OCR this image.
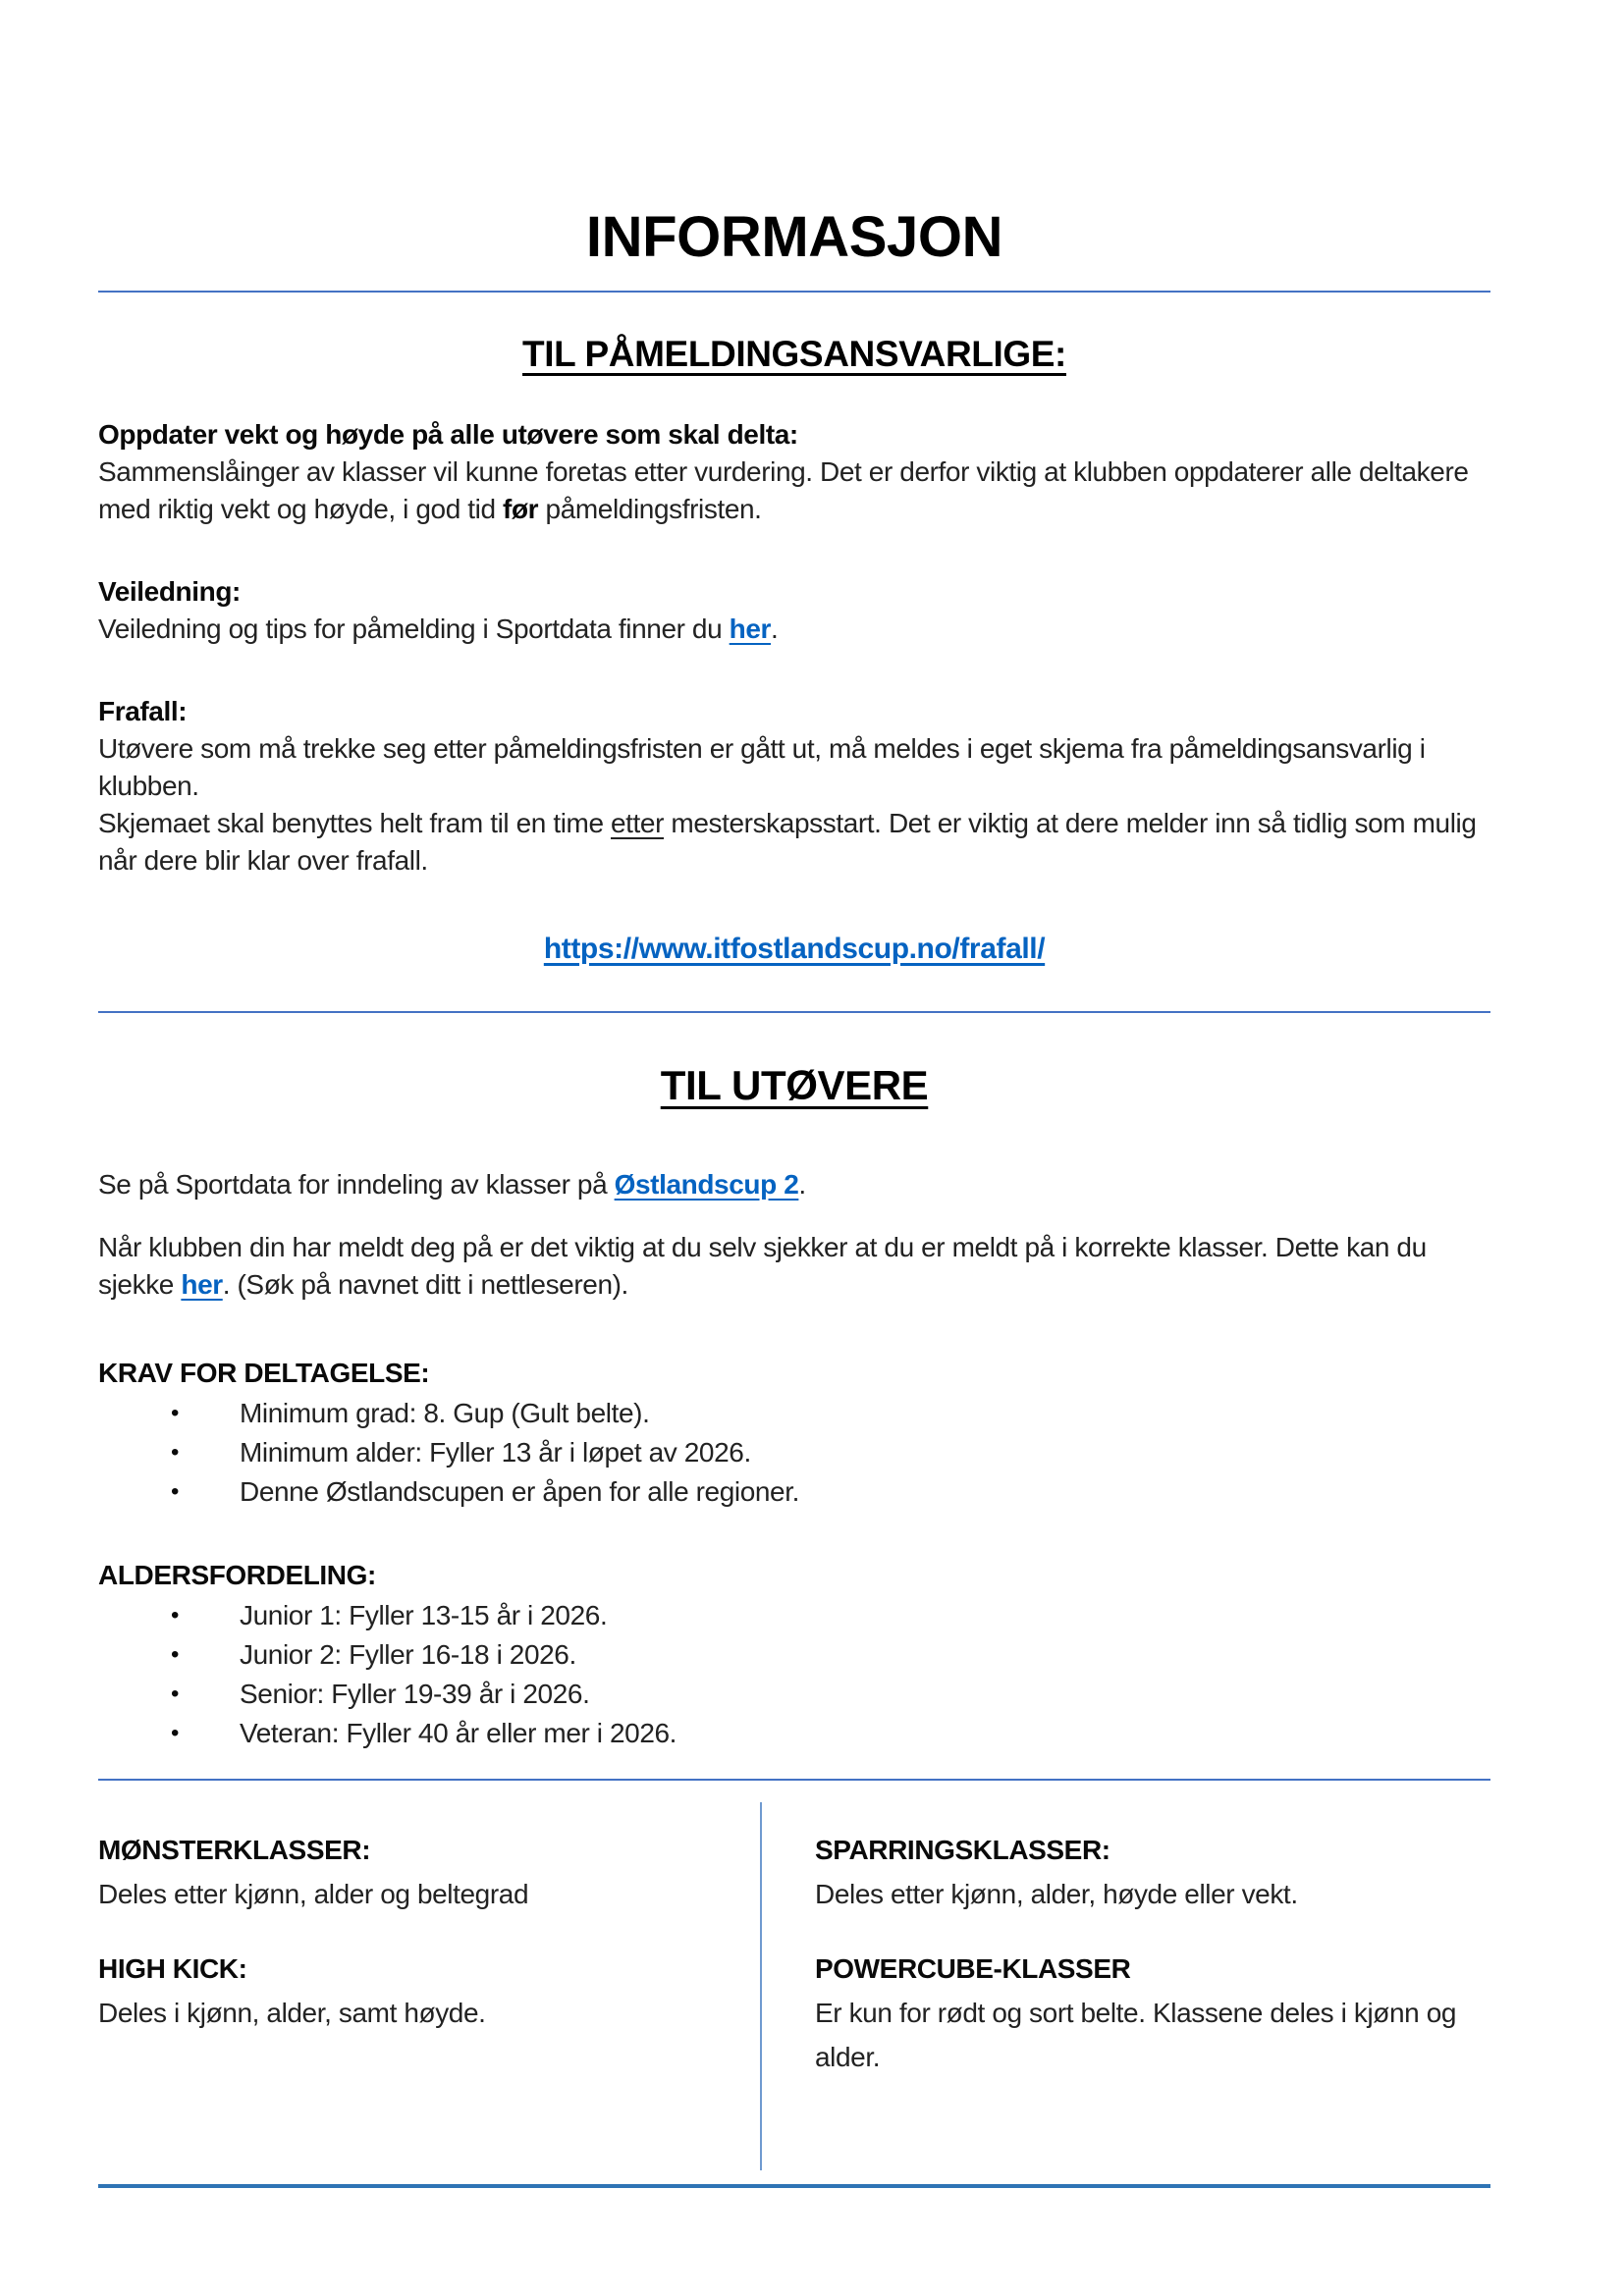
INFORMASJON
TIL PÅMELDINGSANSVARLIGE:

Oppdater vekt og høyde på alle utøvere som skal delta:

Sammenslåinger av klasser vil kunne foretas etter vurdering. Det er derfor viktig at klubben oppdaterer alle deltakere med riktig vekt og høyde, i god tid før påmeldingsfristen.

Veiledning:

Veiledning og tips for påmelding i Sportdata finner du her.

Frafall:

Utøvere som må trekke seg etter påmeldingsfristen er gått ut, må meldes i eget skjema fra påmeldingsansvarlig i klubben.

Skjemaet skal benyttes helt fram til en time etter mesterskapsstart. Det er viktig at dere melder inn så tidlig som mulig når dere blir klar over frafall.

https://www.itfostlandscup.no/frafall/
TIL UTØVERE

Se på Sportdata for inndeling av klasser på Østlandscup 2.

Når klubben din har meldt deg på er det viktig at du selv sjekker at du er meldt på i korrekte klasser. Dette kan du sjekke her. (Søk på navnet ditt i nettleseren).

KRAV FOR DELTAGELSE:

•	Minimum grad: 8. Gup (Gult belte).
•	Minimum alder: Fyller 13 år i løpet av 2026.
•	Denne Østlandscupen er åpen for alle regioner.

ALDERSFORDELING:

•	Junior 1: Fyller 13-15 år i 2026.
•	Junior 2: Fyller 16-18 i 2026.
•	Senior: Fyller 19-39 år i 2026.
•	Veteran: Fyller 40 år eller mer i 2026.

MØNSTERKLASSER:

Deles etter kjønn, alder og beltegrad

HIGH KICK:

Deles i kjønn, alder, samt høyde.

SPARRINGSKLASSER:

Deles etter kjønn, alder, høyde eller vekt.

POWERCUBE-KLASSER

Er kun for rødt og sort belte. Klassene deles i kjønn og alder.
